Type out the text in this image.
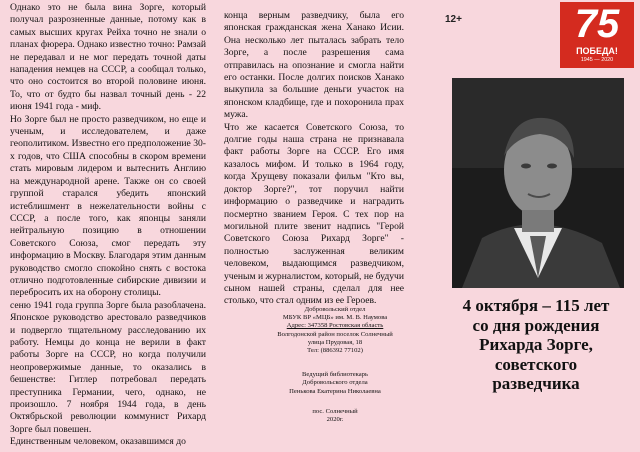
Однако это не была вина Зорге, который получал разрозненные данные, потому как в самых высших кругах Рейха точно не знали о планах фюрера. Однако известно точно: Рамзай не передавал и не мог передать точной даты нападения немцев на СССР, а сообщал только, что оно состоится во второй половине июня. То, что от будто бы назвал точный день - 22 июня 1941 года - миф.

Но Зорге был не просто разведчиком, но еще и ученым, и исследователем, и даже геополитиком. Известно его предположение 30-х годов, что США способны в скором времени стать мировым лидером и вытеснить Англию на международной арене. Также он со своей группой старался убедить японский истеблишмент в нежелательности войны с СССР, а после того, как японцы заняли нейтральную позицию в отношении Советского Союза, смог передать эту информацию в Москву. Благодаря этим данным руководство смогло спокойно снять с востока отлично подготовленные сибирские дивизии и перебросить их на оборону столицы.

сеню 1941 года группа Зорге была разоблачена. Японское руководство арестовало разведчиков и подвергло тщательному расследованию их работу. Немцы до конца не верили в факт работы Зорге на СССР, но когда получили неопровержимые данные, то оказались в бешенстве: Гитлер потребовал передать преступника Германии, чего, однако, не произошло. 7 ноября 1944 года, в день Октябрьской революции коммунист Рихард Зорге был повешен.

Единственным человеком, оказавшимся до

конца верным разведчику, была его японская гражданская жена Ханако Исии. Она несколько лет пыталась забрать тело Зорге, а после разрешения сама отправилась на опознание и смогла найти его останки. После долгих поисков Ханако выкупила за большие деньги участок на японском кладбище, где и похоронила прах мужа.

Что же касается Советского Союза, то долгие годы наша страна не признавала факт работы Зорге на СССР. Его имя казалось мифом. И только в 1964 году, когда Хрущеву показали фильм "Кто вы, доктор Зорге?", тот поручил найти информацию о разведчике и наградить посмертно званием Героя. С тех пор на могильной плите звенит надпись "Герой Советского Союза Рихард Зорге" - полностью заслуженная великим человеком, выдающимся разведчиком, ученым и журналистом, который, не будучи сыном нашей страны, сделал для нее столько, что стал одним из ее Героев.

Добровольский отдел
МБУК ВР «МЦБ» им. М. В. Наумова
Адрес: 347358 Ростовская область
Волгодонской район поселок Солнечный
улица Прудовая, 18
Тел: (886392 77102)
Ведущий библиотекарь
Добровольского отдела
Пенькова Екатерина Николаевна
пос. Солнечный
2020г.
12+	75
ПОБЕДА!
1945 — 2020
4 октября – 115 лет
со дня рождения
Рихарда Зорге,
советского
разведчика
